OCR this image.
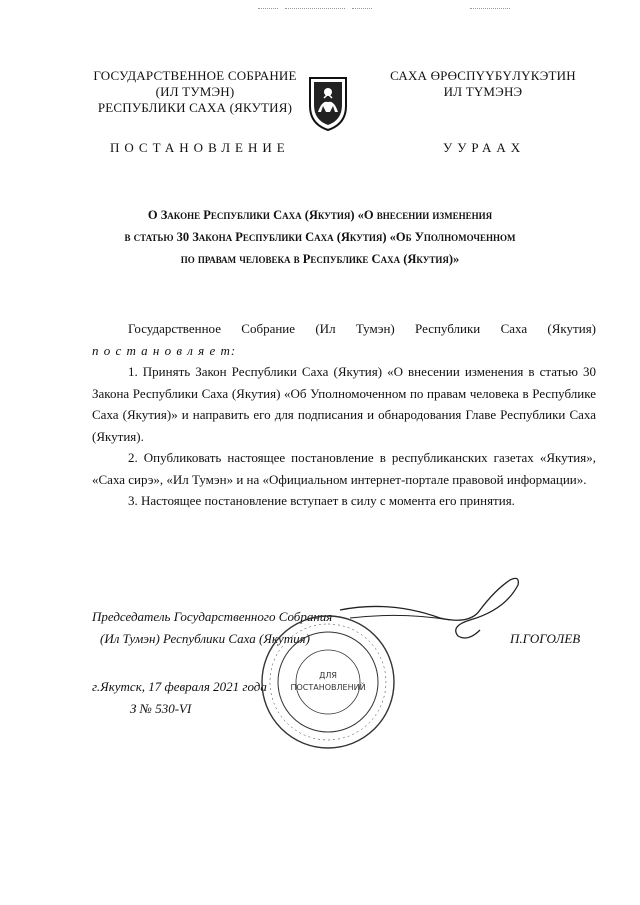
ГОСУДАРСТВЕННОЕ СОБРАНИЕ
(ИЛ ТУМЭН)
РЕСПУБЛИКИ САХА (ЯКУТИЯ)
САХА ӨРӨСПҮҮБҮЛҮКЭТИН
ИЛ ТҮМЭНЭ
ПОСТАНОВЛЕНИЕ	УУРААХ
О Законе Республики Саха (Якутия) «О внесении изменения
в статью 30 Закона Республики Саха (Якутия) «Об Уполномоченном
по правам человека в Республике Саха (Якутия)»
Государственное Собрание (Ил Тумэн) Республики Саха (Якутия)
п о с т а н о в л я е т:
1. Принять Закон Республики Саха (Якутия) «О внесении изменения в статью 30 Закона Республики Саха (Якутия) «Об Уполномоченном по правам человека в Республике Саха (Якутия)» и направить его для подписания и обнародования Главе Республики Саха (Якутия).
2. Опубликовать настоящее постановление в республиканских газетах «Якутия», «Саха сирэ», «Ил Тумэн» и на «Официальном интернет-портале правовой информации».
3. Настоящее постановление вступает в силу с момента его принятия.
Председатель Государственного Собрания
(Ил Тумэн) Республики Саха (Якутия)	П.ГОГОЛЕВ
г.Якутск, 17 февраля 2021 года
З № 530-VI
ДЛЯ
ПОСТАНОВЛЕНИЙ
